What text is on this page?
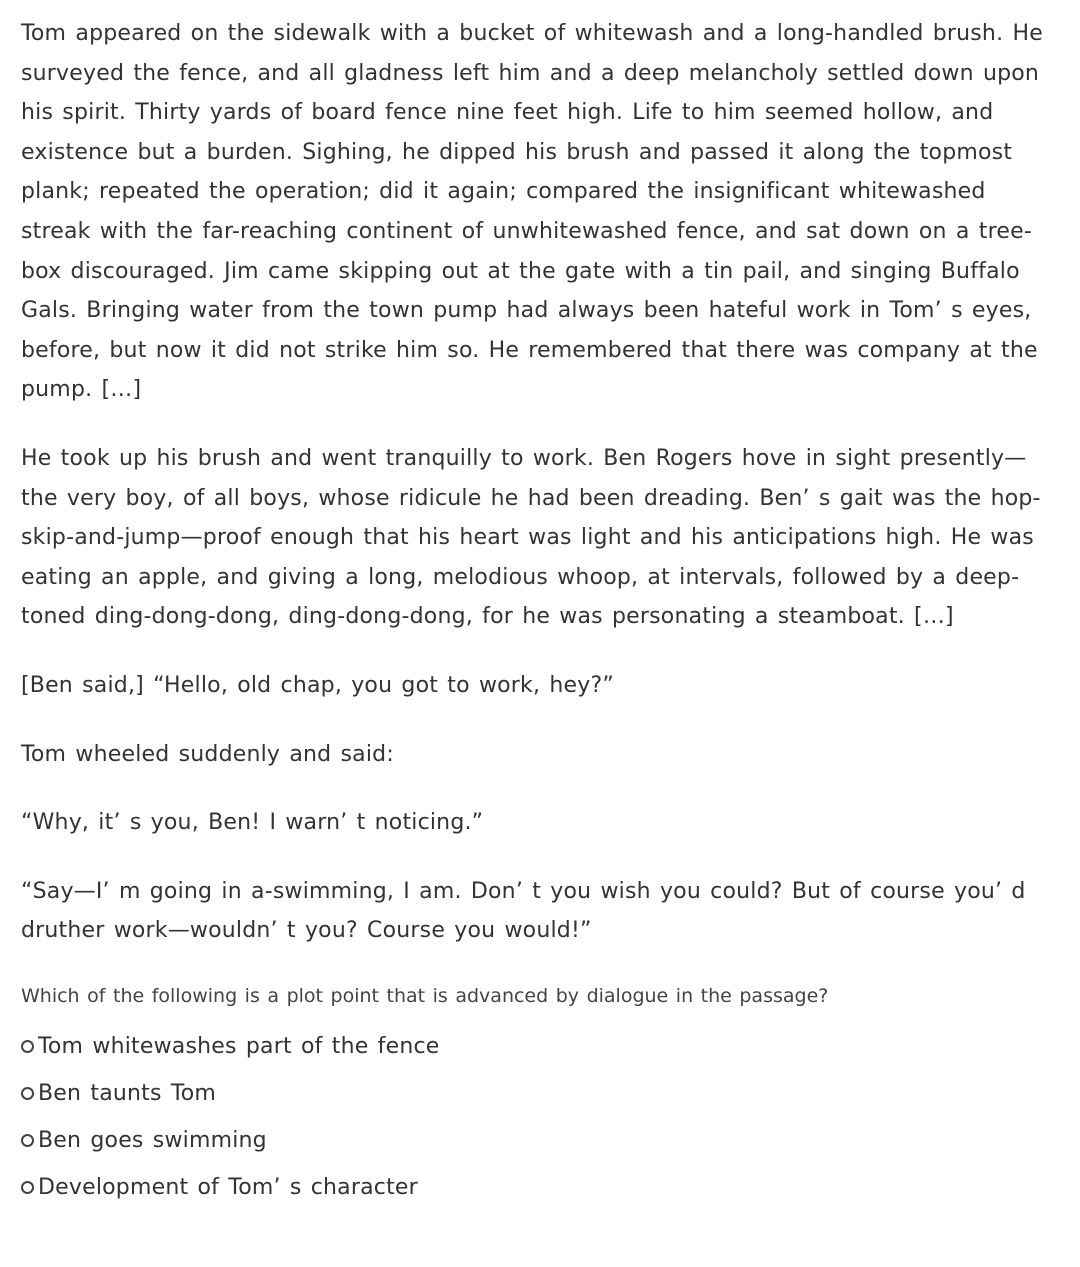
Tom appeared on the sidewalk with a bucket of whitewash and a long-handled brush. He surveyed the fence, and all gladness left him and a deep melancholy settled down upon his spirit. Thirty yards of board fence nine feet high. Life to him seemed hollow, and existence but a burden. Sighing, he dipped his brush and passed it along the topmost plank; repeated the operation; did it again; compared the insignificant whitewashed streak with the far-reaching continent of unwhitewashed fence, and sat down on a tree-box discouraged. Jim came skipping out at the gate with a tin pail, and singing Buffalo Gals. Bringing water from the town pump had always been hateful work in Tom’ s eyes, before, but now it did not strike him so. He remembered that there was company at the pump. […]

He took up his brush and went tranquilly to work. Ben Rogers hove in sight presently—the very boy, of all boys, whose ridicule he had been dreading. Ben’ s gait was the hop-skip-and-jump—proof enough that his heart was light and his anticipations high. He was eating an apple, and giving a long, melodious whoop, at intervals, followed by a deep-toned ding-dong-dong, ding-dong-dong, for he was personating a steamboat. […]

[Ben said,] “Hello, old chap, you got to work, hey?”

Tom wheeled suddenly and said:

“Why, it’ s you, Ben! I warn’ t noticing.”

“Say—I’ m going in a-swimming, I am. Don’ t you wish you could? But of course you’ d druther work—wouldn’ t you? Course you would!”

Which of the following is a plot point that is advanced by dialogue in the passage?

Tom whitewashes part of the fence
Ben taunts Tom
Ben goes swimming
Development of Tom’ s character
